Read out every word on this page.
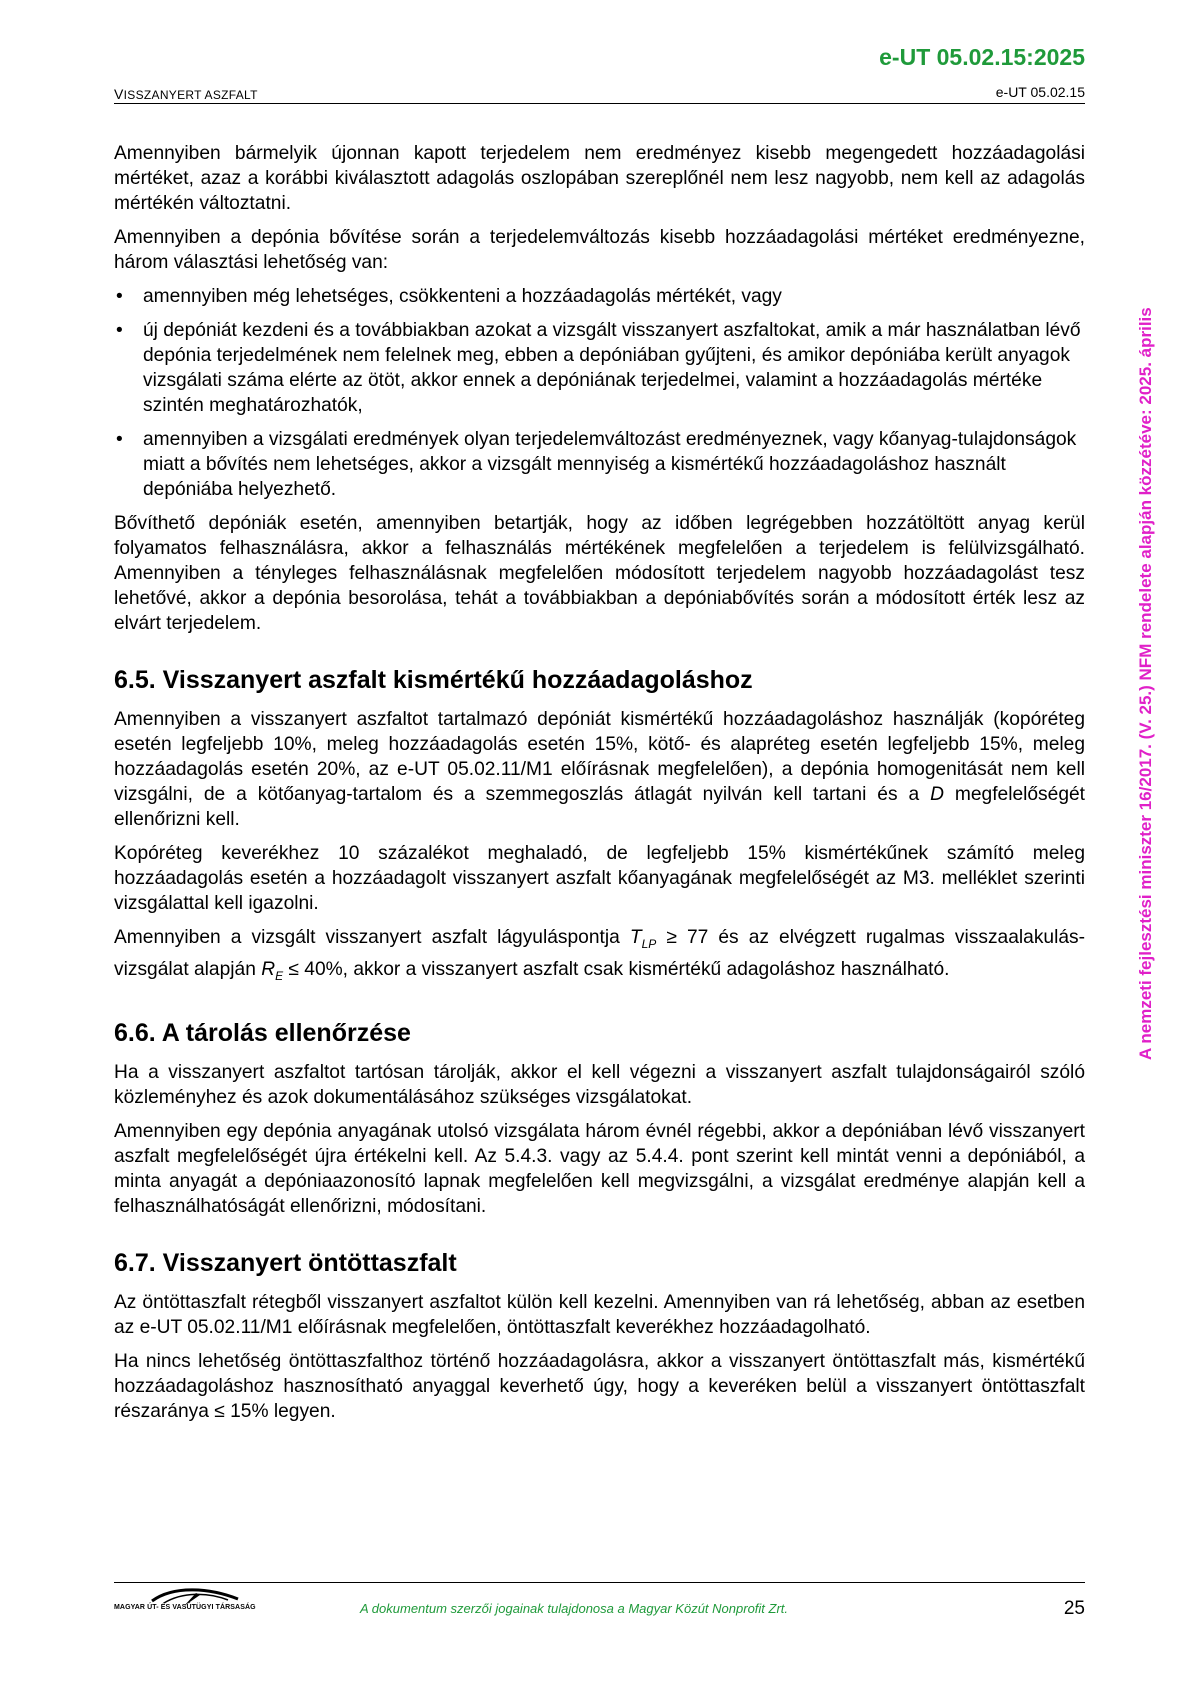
e-UT 05.02.15:2025
VISSZANYERT ASZFALT	e-UT 05.02.15
A nemzeti fejlesztési miniszter 16/2017. (V. 25.) NFM rendelete alapján közzétéve: 2025. április

Amennyiben bármelyik újonnan kapott terjedelem nem eredményez kisebb megengedett hozzáadagolási mértéket, azaz a korábbi kiválasztott adagolás oszlopában szereplőnél nem lesz nagyobb, nem kell az adagolás mértékén változtatni.

Amennyiben a depónia bővítése során a terjedelemváltozás kisebb hozzáadagolási mértéket eredményezne, három választási lehetőség van:

• amennyiben még lehetséges, csökkenteni a hozzáadagolás mértékét, vagy
• új depóniát kezdeni és a továbbiakban azokat a vizsgált visszanyert aszfaltokat, amik a már használatban lévő depónia terjedelmének nem felelnek meg, ebben a depóniában gyűjteni, és amikor depóniába került anyagok vizsgálati száma elérte az ötöt, akkor ennek a depóniának terjedelmei, valamint a hozzáadagolás mértéke szintén meghatározhatók,
• amennyiben a vizsgálati eredmények olyan terjedelemváltozást eredményeznek, vagy kőanyag-tulajdonságok miatt a bővítés nem lehetséges, akkor a vizsgált mennyiség a kismértékű hozzáadagoláshoz használt depóniába helyezhető.

Bővíthető depóniák esetén, amennyiben betartják, hogy az időben legrégebben hozzátöltött anyag kerül folyamatos felhasználásra, akkor a felhasználás mértékének megfelelően a terjedelem is felülvizsgálható. Amennyiben a tényleges felhasználásnak megfelelően módosított terjedelem nagyobb hozzáadagolást tesz lehetővé, akkor a depónia besorolása, tehát a továbbiakban a depóniabővítés során a módosított érték lesz az elvárt terjedelem.

6.5. Visszanyert aszfalt kismértékű hozzáadagoláshoz

Amennyiben a visszanyert aszfaltot tartalmazó depóniát kismértékű hozzáadagoláshoz használják (kopóréteg esetén legfeljebb 10%, meleg hozzáadagolás esetén 15%, kötő- és alapréteg esetén legfeljebb 15%, meleg hozzáadagolás esetén 20%, az e-UT 05.02.11/M1 előírásnak megfelelően), a depónia homogenitását nem kell vizsgálni, de a kötőanyag-tartalom és a szemmegoszlás átlagát nyilván kell tartani és a D megfelelőségét ellenőrizni kell.

Kopóréteg keverékhez 10 százalékot meghaladó, de legfeljebb 15% kismértékűnek számító meleg hozzáadagolás esetén a hozzáadagolt visszanyert aszfalt kőanyagának megfelelőségét az M3. melléklet szerinti vizsgálattal kell igazolni.

Amennyiben a vizsgált visszanyert aszfalt lágyuláspontja $T_{LP} \ge 77$ és az elvégzett rugalmas visszaalakulás-vizsgálat alapján $R_E \le 40\%$, akkor a visszanyert aszfalt csak kismértékű adagoláshoz használható.

6.6. A tárolás ellenőrzése

Ha a visszanyert aszfaltot tartósan tárolják, akkor el kell végezni a visszanyert aszfalt tulajdonságairól szóló közleményhez és azok dokumentálásához szükséges vizsgálatokat.

Amennyiben egy depónia anyagának utolsó vizsgálata három évnél régebbi, akkor a depóniában lévő visszanyert aszfalt megfelelőségét újra értékelni kell. Az 5.4.3. vagy az 5.4.4. pont szerint kell mintát venni a depóniából, a minta anyagát a depóniaazonosító lapnak megfelelően kell megvizsgálni, a vizsgálat eredménye alapján kell a felhasználhatóságát ellenőrizni, módosítani.

6.7. Visszanyert öntöttaszfalt

Az öntöttaszfalt rétegből visszanyert aszfaltot külön kell kezelni. Amennyiben van rá lehetőség, abban az esetben az e-UT 05.02.11/M1 előírásnak megfelelően, öntöttaszfalt keverékhez hozzáadagolható.

Ha nincs lehetőség öntöttaszfalthoz történő hozzáadagolásra, akkor a visszanyert öntöttaszfalt más, kismértékű hozzáadagoláshoz hasznosítható anyaggal keverhető úgy, hogy a keveréken belül a visszanyert öntöttaszfalt részaránya ≤ 15% legyen.

MAGYAR ÚT- ÉS VASÚTÜGYI TÁRSASÁG	A dokumentum szerzői jogainak tulajdonosa a Magyar Közút Nonprofit Zrt.	25
